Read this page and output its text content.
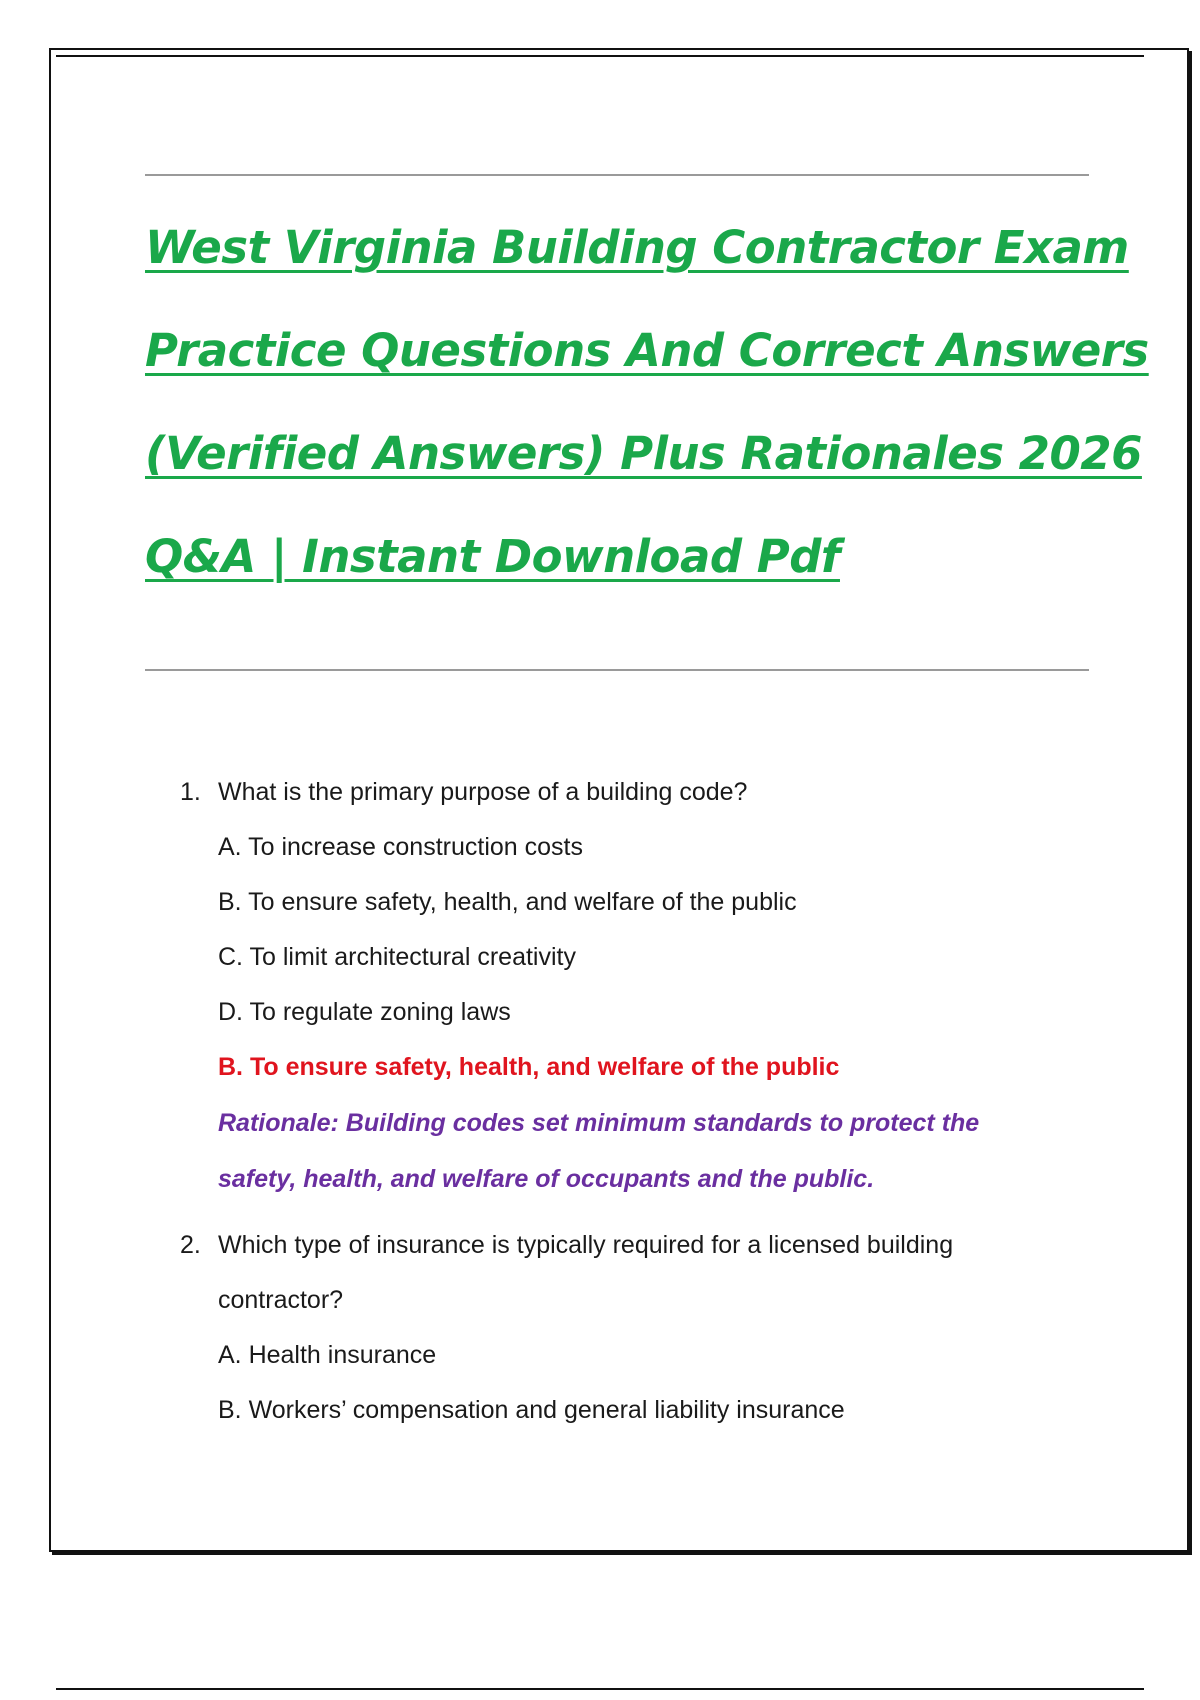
West Virginia Building Contractor Exam
Practice Questions And Correct Answers
(Verified Answers) Plus Rationales 2026
Q&A | Instant Download Pdf
1. What is the primary purpose of a building code?
A. To increase construction costs
B. To ensure safety, health, and welfare of the public
C. To limit architectural creativity
D. To regulate zoning laws
B. To ensure safety, health, and welfare of the public
Rationale: Building codes set minimum standards to protect the safety, health, and welfare of occupants and the public.
2. Which type of insurance is typically required for a licensed building contractor?
A. Health insurance
B. Workers’ compensation and general liability insurance
